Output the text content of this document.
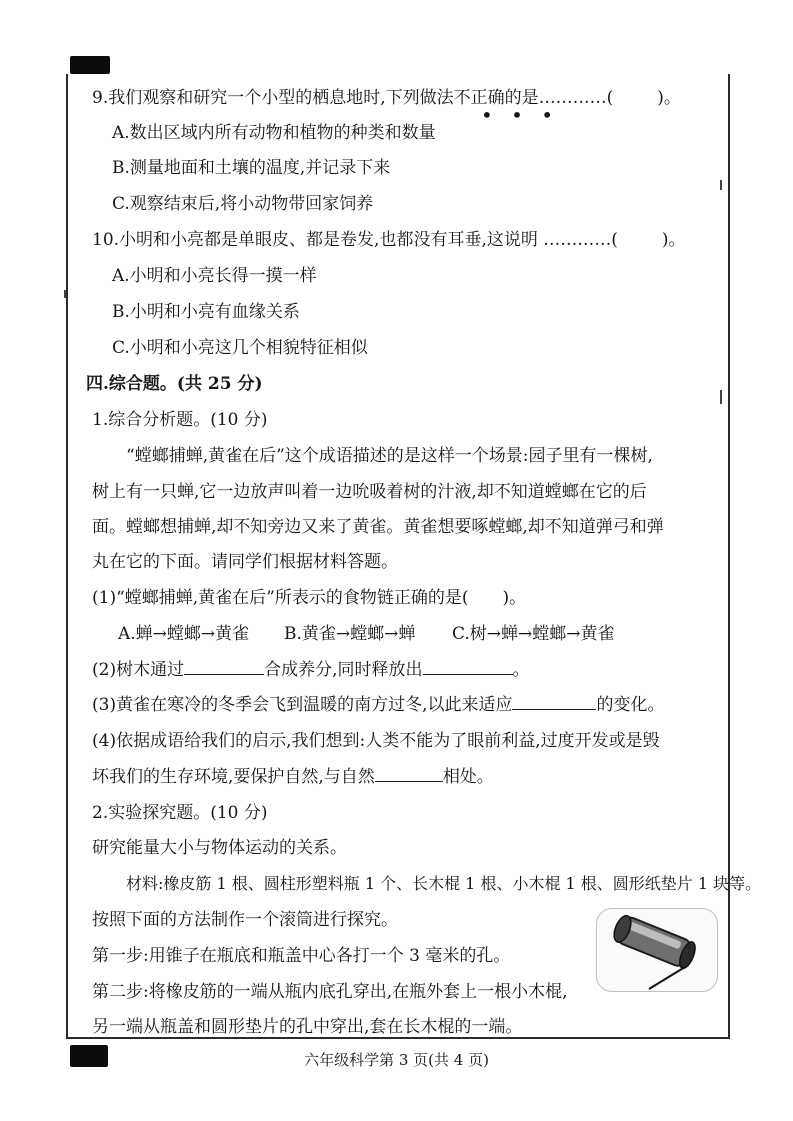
9.我们观察和研究一个小型的栖息地时,下列做法不正确的是…………(	)。
• • •
A.数出区域内所有动物和植物的种类和数量
B.测量地面和土壤的温度,并记录下来
C.观察结束后,将小动物带回家饲养
10.小明和小亮都是单眼皮、都是卷发,也都没有耳垂,这说明 …………(	)。
A.小明和小亮长得一摸一样
B.小明和小亮有血缘关系
C.小明和小亮这几个相貌特征相似
四.综合题。(共 25 分)
1.综合分析题。(10 分)
“螳螂捕蝉,黄雀在后”这个成语描述的是这样一个场景:园子里有一棵树,
树上有一只蝉,它一边放声叫着一边吮吸着树的汁液,却不知道螳螂在它的后
面。螳螂想捕蝉,却不知旁边又来了黄雀。黄雀想要啄螳螂,却不知道弹弓和弹
丸在它的下面。请同学们根据材料答题。
(1)“螳螂捕蝉,黄雀在后”所表示的食物链正确的是( )。
A.蝉→螳螂→黄雀 B.黄雀→螳螂→蝉 C.树→蝉→螳螂→黄雀
(2)树木通过	合成养分,同时释放出	。
(3)黄雀在寒冷的冬季会飞到温暖的南方过冬,以此来适应	的变化。
(4)依据成语给我们的启示,我们想到:人类不能为了眼前利益,过度开发或是毁
坏我们的生存环境,要保护自然,与自然	相处。
2.实验探究题。(10 分)
研究能量大小与物体运动的关系。
材料:橡皮筋 1 根、圆柱形塑料瓶 1 个、长木棍 1 根、小木棍 1 根、圆形纸垫片 1 块等。
按照下面的方法制作一个滚筒进行探究。
第一步:用锥子在瓶底和瓶盖中心各打一个 3 毫米的孔。
第二步:将橡皮筋的一端从瓶内底孔穿出,在瓶外套上一根小木棍,
另一端从瓶盖和圆形垫片的孔中穿出,套在长木棍的一端。
六年级科学第 3 页(共 4 页)
